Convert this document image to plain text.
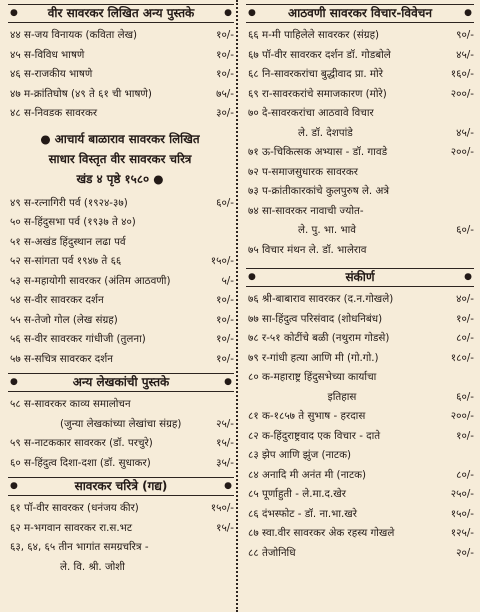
● वीर सावरकर लिखित अन्य पुस्तके	●
४४ स-जय विनायक (कविता लेख)	१०/-
४५ स-विविध भाषणे	१०/-
४६ स-राजकीय भाषणे	१०/-
४७ म-क्रांतिघोष (४९ ते ६१ ची भाषणे)	७५/-
४८ स-निवडक सावरकर	३०/-
● आचार्य बाळाराव सावरकर लिखित
साधार विस्तृत वीर सावरकर चरित्र
खंड ४ पृष्ठे १५८० ●
४९ स-रत्नागिरी पर्व (१९२४-३७)	६०/-
५० स-हिंदुसभा पर्व (१९३७ ते ४०)
५१ स-अखंड हिंदुस्थान लढा पर्व
५२ स-सांगता पर्व १९४७ ते ६६	१५०/-
५३ स-महायोगी सावरकर (अंतिम आठवणी)	५/-
५४ स-वीर सावरकर दर्शन	१०/-
५५ स-तेजो गोल (लेख संग्रह)	१०/-
५६ स-वीर सावरकर गांधीजी (तुलना)	१०/-
५७ स-सचित्र सावरकर दर्शन	१०/-
●	अन्य लेखकांची पुस्तके	●
५८ स-सावरकर काव्य समालोचन
(जुन्या लेखकांच्या लेखांचा संग्रह)	२५/-
५९ स-नाटककार सावरकर (डॉ. परचुरे)	१५/-
६० स-हिंदुत्व दिशा-दशा (डॉ. सुधाकर)	३५/-
●	सावरकर चरित्रे (गद्य)	●
६१ पॉ-वीर सावरकर (धनंजय कीर)	१५०/-
६२ म-भगवान सावरकर रा.स.भट	१५/-
६३, ६४, ६५ तीन भागांत समग्रचरित्र -
ले. वि. श्री. जोशी
●	आठवणी सावरकर विचार-विवेचन	●
६६ म-मी पाहिलेले सावरकर (संग्रह)	९०/-
६७ पॉ-वीर सावरकर दर्शन डॉ. गोडबोले	४५/-
६८ नि-सावरकरांचा बुद्धीवाद प्रा. मोरे	१६०/-
६९ रा-सावरकरांचे समाजकारण (मोरे)	२००/-
७० दे-सावरकरांचा आठवावे विचार
ले. डॉ. देशपांडे	४५/-
७१ ऊ-चिकित्सक अभ्यास - डॉ. गावडे	२००/-
७२ प-समाजसुधारक सावरकर
७३ प-क्रांतीकारकांचे कुलपुरुष ले. अत्रे
७४ सा-सावरकर नावाची ज्योत-
ले. पु. भा. भावे	६०/-
७५ विचार मंथन ले. डॉ. भालेराव
●	संकीर्ण	●
७६ श्री-बाबाराव सावरकर (द.न.गोखले)	४०/-
७७ सा-हिंदुत्व परिसंवाद (शोधनिबंध)	१०/-
७८ र-५१ कोटींचे बळी (नथुराम गोडसे)	८०/-
७९ र-गांधी हत्या आणि मी (गो.गो.)	१८०/-
८० क-महाराष्ट्र हिंदुसभेच्या कार्याचा
इतिहास	६०/-
८१ क-१८५७ ते सुभाष - हरदास	२००/-
८२ क-हिंदुराष्ट्रवाद एक विचार - दाते	१०/-
८३ झेप आणि झुंज (नाटक)
८४ अनादि मी अनंत मी (नाटक)	८०/-
८५ पूर्णाहुती - ले.मा.द.खेर	२५०/-
८६ दंभस्फोट - डॉ. ना.भा.खरे	१५०/-
८७ स्वा.वीर सावरकर अेक रहस्य गोखले	१२५/-
८८ तेजोनिधि	२०/-
